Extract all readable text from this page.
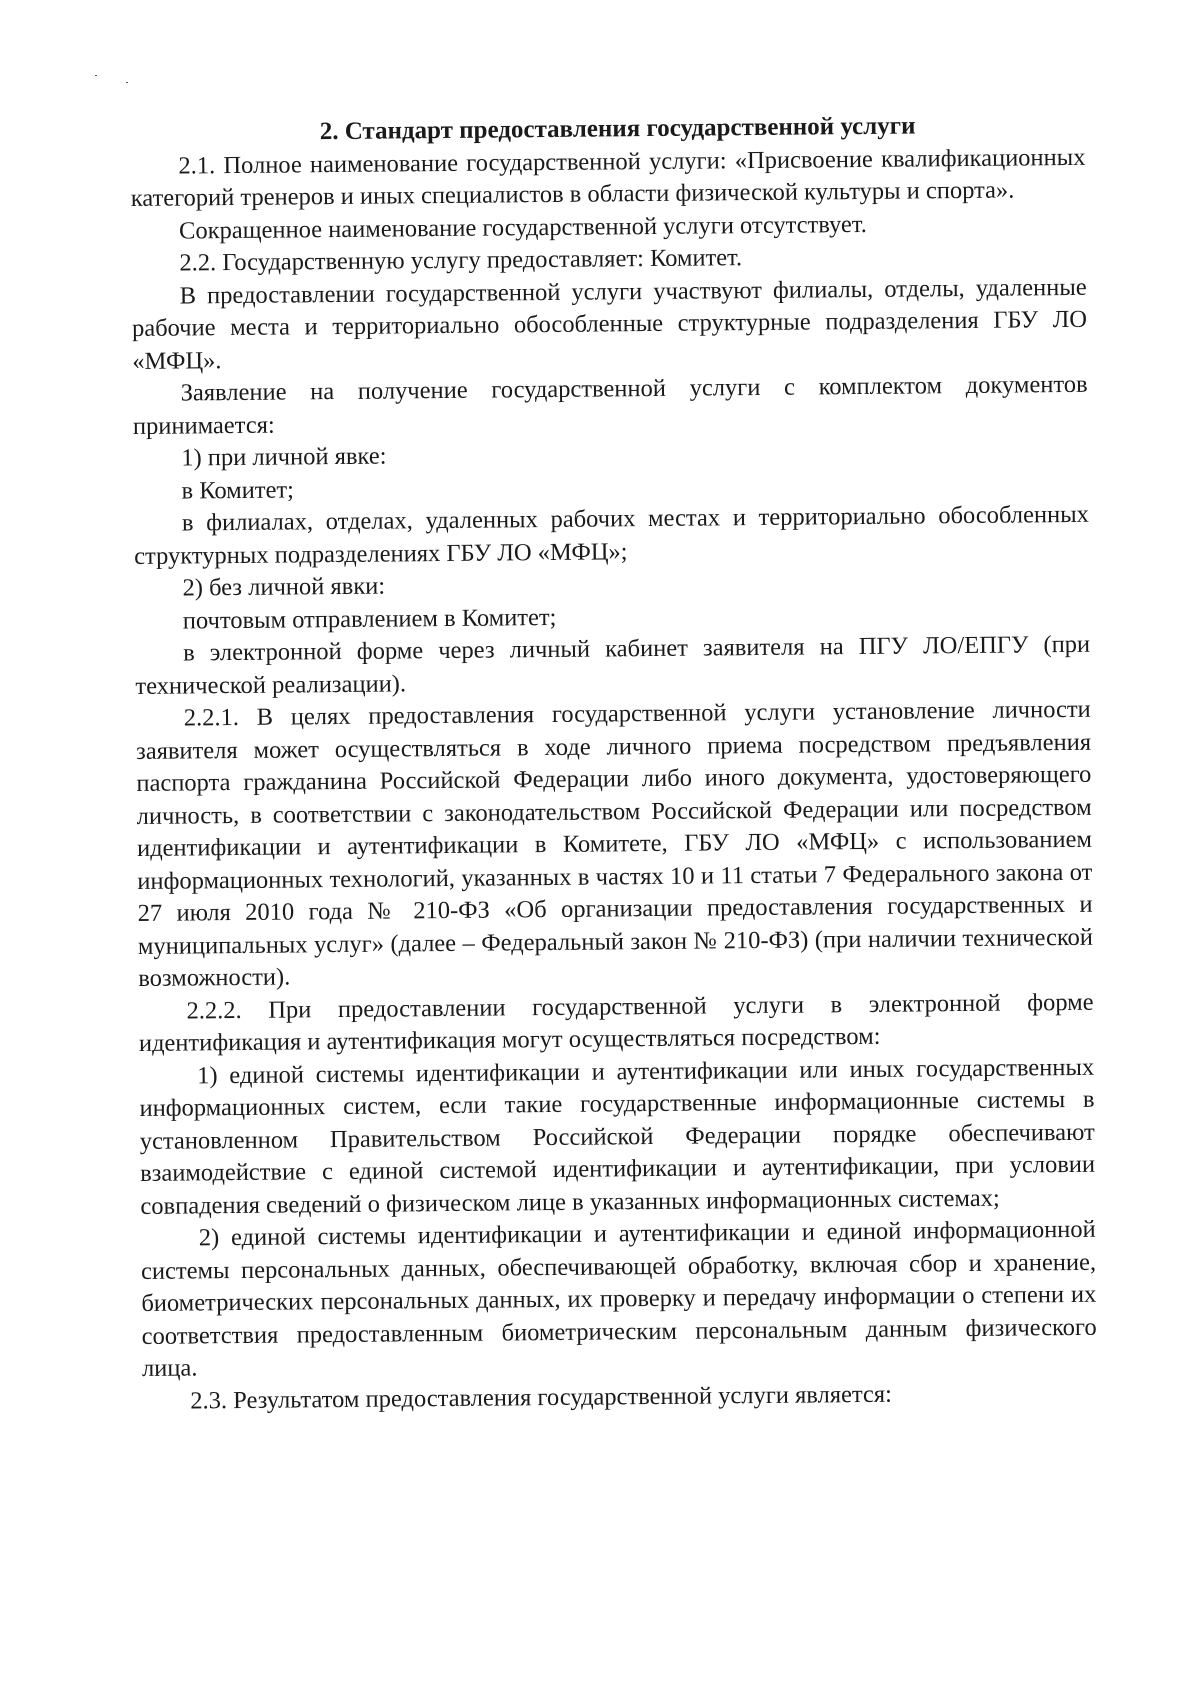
2. Стандарт предоставления государственной услуги

2.1. Полное наименование государственной услуги: «Присвоение квалификационных категорий тренеров и иных специалистов в области физической культуры и спорта».

Сокращенное наименование государственной услуги отсутствует.

2.2. Государственную услугу предоставляет: Комитет.

В предоставлении государственной услуги участвуют филиалы, отделы, удаленные рабочие места и территориально обособленные структурные подразделения ГБУ ЛО «МФЦ».

Заявление на получение государственной услуги с комплектом документов принимается:

1) при личной явке:

в Комитет;

в филиалах, отделах, удаленных рабочих местах и территориально обособленных структурных подразделениях ГБУ ЛО «МФЦ»;

2) без личной явки:

почтовым отправлением в Комитет;

в электронной форме через личный кабинет заявителя на ПГУ ЛО/ЕПГУ (при технической реализации).

2.2.1. В целях предоставления государственной услуги установление личности заявителя может осуществляться в ходе личного приема посредством предъявления паспорта гражданина Российской Федерации либо иного документа, удостоверяющего личность, в соответствии с законодательством Российской Федерации или посредством идентификации и аутентификации в Комитете, ГБУ ЛО «МФЦ» с использованием информационных технологий, указанных в частях 10 и 11 статьи 7 Федерального закона от 27 июля 2010 года № 210-ФЗ «Об организации предоставления государственных и муниципальных услуг» (далее – Федеральный закон № 210-ФЗ) (при наличии технической возможности).

2.2.2. При предоставлении государственной услуги в электронной форме идентификация и аутентификация могут осуществляться посредством:

1) единой системы идентификации и аутентификации или иных государственных информационных систем, если такие государственные информационные системы в установленном Правительством Российской Федерации порядке обеспечивают взаимодействие с единой системой идентификации и аутентификации, при условии совпадения сведений о физическом лице в указанных информационных системах;

2) единой системы идентификации и аутентификации и единой информационной системы персональных данных, обеспечивающей обработку, включая сбор и хранение, биометрических персональных данных, их проверку и передачу информации о степени их соответствия предоставленным биометрическим персональным данным физического лица.

2.3. Результатом предоставления государственной услуги является:
